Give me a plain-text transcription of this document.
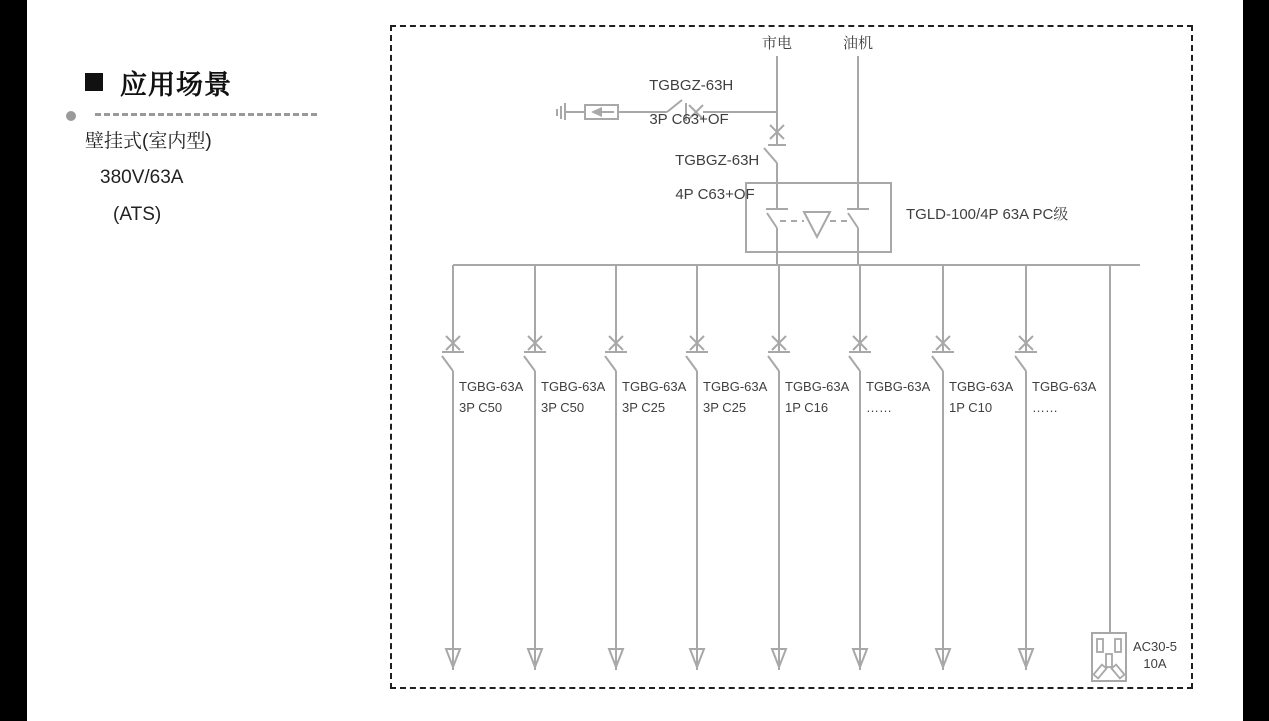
应用场景
壁挂式(室内型)
380V/63A
(ATS)
市电	油机

TGBGZ-63H

3P C63+OF

TGBGZ-63H

4P C63+OF

TGLD-100/4P 63A PC级
TGBG-63A
3P C50
TGBG-63A
3P C50
TGBG-63A
3P C25
TGBG-63A
3P C25
TGBG-63A
1P C16
TGBG-63A
……
TGBG-63A
1P C10
TGBG-63A
……
AC30-5
10A
